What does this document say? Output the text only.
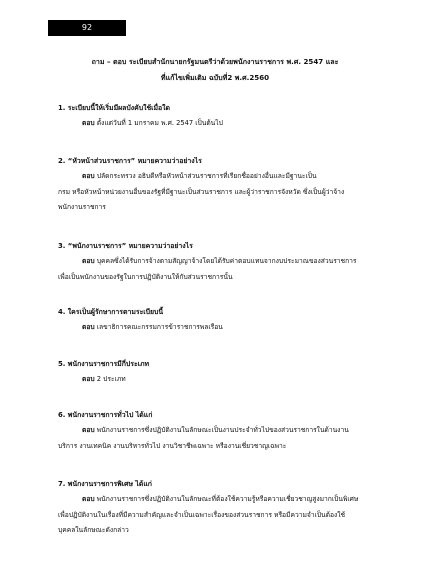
92
ถาม – ตอบ ระเบียบสำนักนายกรัฐมนตรีว่าด้วยพนักงานราชการ พ.ศ. 2547 และ
ที่แก้ไขเพิ่มเติม ฉบับที่2 พ.ศ.2560
1. ระเบียบนี้ให้เริ่มมีผลบังคับใช้เมื่อใด
ตอบ ตั้งแต่วันที่ 1 มกราคม พ.ศ. 2547 เป็นต้นไป
2. “หัวหน้าส่วนราชการ” หมายความว่าอย่างไร
ตอบ ปลัดกระทรวง อธิบดีหรือหัวหน้าส่วนราชการที่เรียกชื่ออย่างอื่นและมีฐานะเป็น
กรม หรือหัวหน้าหน่วยงานอื่นของรัฐที่มีฐานะเป็นส่วนราชการ และผู้ว่าราชการจังหวัด ซึ่งเป็นผู้ว่าจ้าง
พนักงานราชการ
3. “พนักงานราชการ” หมายความว่าอย่างไร
ตอบ บุคคลซึ่งได้รับการจ้างตามสัญญาจ้างโดยได้รับค่าตอบแทนจากงบประมาณของส่วนราชการ
เพื่อเป็นพนักงานของรัฐในการปฏิบัติงานให้กับส่วนราชการนั้น
4. ใครเป็นผู้รักษาการตามระเบียบนี้
ตอบ เลขาธิการคณะกรรมการข้าราชการพลเรือน
5. พนักงานราชการมีกี่ประเภท
ตอบ 2 ประเภท
6. พนักงานราชการทั่วไป ได้แก่
ตอบ พนักงานราชการซึ่งปฏิบัติงานในลักษณะเป็นงานประจำทั่วไปของส่วนราชการในด้านงาน
บริการ งานเทคนิค งานบริหารทั่วไป งานวิชาชีพเฉพาะ หรืองานเชี่ยวชาญเฉพาะ
7. พนักงานราชการพิเศษ ได้แก่
ตอบ พนักงานราชการซึ่งปฏิบัติงานในลักษณะที่ต้องใช้ความรู้หรือความเชี่ยวชาญสูงมากเป็นพิเศษ
เพื่อปฏิบัติงานในเรื่องที่มีความสำคัญและจำเป็นเฉพาะเรื่องของส่วนราชการ หรือมีความจำเป็นต้องใช้
บุคคลในลักษณะดังกล่าว
